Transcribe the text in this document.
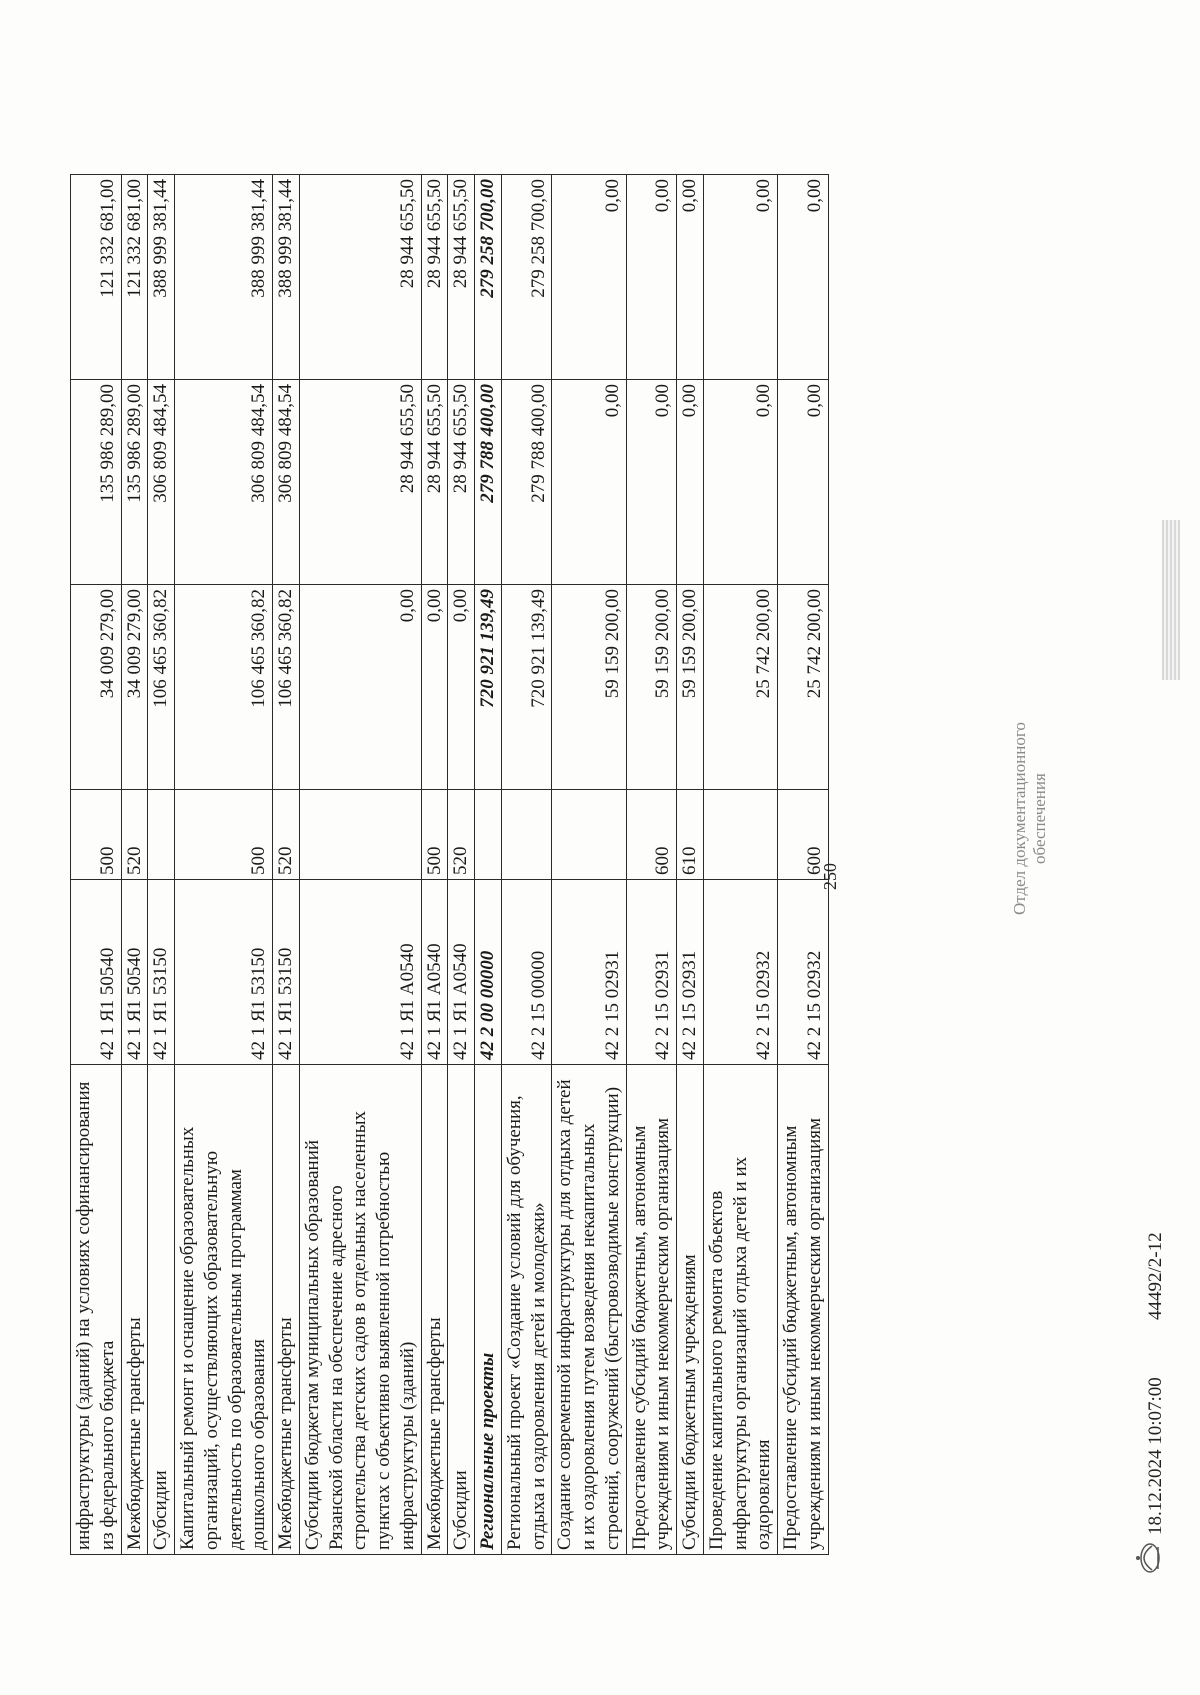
250
инфраструктуры (зданий) на условиях софинансирования из федерального бюджета	42 1 Я1 50540	500	34 009 279,00	135 986 289,00	121 332 681,00
Межбюджетные трансферты	42 1 Я1 50540	520	34 009 279,00	135 986 289,00	121 332 681,00
Субсидии	42 1 Я1 53150		106 465 360,82	306 809 484,54	388 999 381,44
Капитальный ремонт и оснащение образовательных организаций, осуществляющих образовательную деятельность по образовательным программам дошкольного образования	42 1 Я1 53150	500	106 465 360,82	306 809 484,54	388 999 381,44
Межбюджетные трансферты	42 1 Я1 53150	520	106 465 360,82	306 809 484,54	388 999 381,44
Субсидии бюджетам муниципальных образований Рязанской области на обеспечение адресного строительства детских садов в отдельных населенных пунктах с объективно выявленной потребностью инфраструктуры (зданий)	42 1 Я1 А0540		0,00	28 944 655,50	28 944 655,50
Межбюджетные трансферты	42 1 Я1 А0540	500	0,00	28 944 655,50	28 944 655,50
Субсидии	42 1 Я1 А0540	520	0,00	28 944 655,50	28 944 655,50
Региональные проекты	42 2 00 00000		720 921 139,49	279 788 400,00	279 258 700,00
Региональный проект «Создание условий для обучения, отдыха и оздоровления детей и молодежи»	42 2 15 00000		720 921 139,49	279 788 400,00	279 258 700,00
Создание современной инфраструктуры для отдыха детей и их оздоровления путем возведения некапитальных строений, сооружений (быстровозводимые конструкции)	42 2 15 02931		59 159 200,00	0,00	0,00
Предоставление субсидий бюджетным, автономным учреждениям и иным некоммерческим организациям	42 2 15 02931	600	59 159 200,00	0,00	0,00
Субсидии бюджетным учреждениям	42 2 15 02931	610	59 159 200,00	0,00	0,00
Проведение капитального ремонта объектов инфраструктуры организаций отдыха детей и их оздоровления	42 2 15 02932		25 742 200,00	0,00	0,00
Предоставление субсидий бюджетным, автономным учреждениям и иным некоммерческим организациям	42 2 15 02932	600	25 742 200,00	0,00	0,00
18.12.2024 10:07:00
44492/2-12
Отдел документационного обеспечения
